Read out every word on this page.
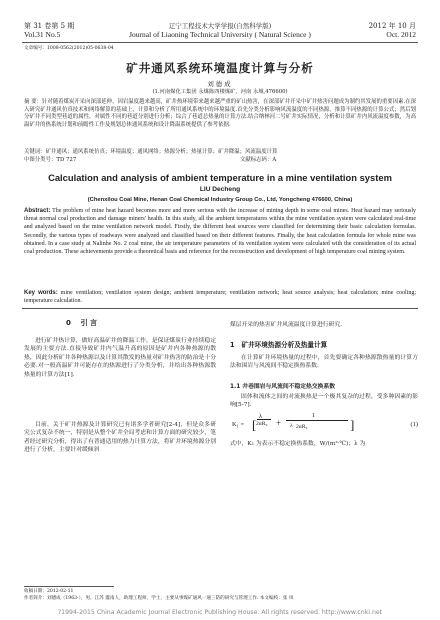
第 31 卷第 5 期
Vol.31 No.5
辽宁工程技术大学学报(自然科学版)
Journal of Liaoning Technical University ( Natural Science )
2012 年 10 月
Oct. 2012
文章编号：1008-0562(2012)05-0638-04
矿井通风系统环境温度计算与分析
刘德成
(1.河南煤化工集团 永煤陈四楼煤矿，河南 永城,476600)
摘 要：针对随着煤炭开采向深部延伸，因岩温度越来越高，矿井热环境带来越来越严重的矿山热害，在深部矿井开采中矿井热害问题成为制约其发展的重要因素.在深入研究矿井通风仿真技术和网络解算的基础上，计算和分析了所用通风系统中的环境温度.首先分类分析影响风流温度的不同热源，推算不同热源的计算公式；然后划分矿井不同类型巷道的属性，对属性不同的巷道分别进行分析；综合了巷道总热量的计算方法.结合纳林河二号矿井实际情况，分析和计算矿井内风流温度参数，为高温矿井的热系统计划和前瞻性工作及规划总体通风系统和设计降温系统提供了参考依据.
关键词：矿井通风；通风系统仿真；环境温度；通风网络；热源分析；热量计算；矿井降温；风流温度计算
中图分类号：TD 727	文献标志码：A
Calculation and analysis of ambient temperature in a mine ventilation system
LIU Decheng
(Chenxilou Coal Mine, Henan Coal Chemical Industry Group Co., Ltd, Yongcheng 476600, China)
Abstract: The problem of mine heat hazard becomes more and more serious with the increase of mining depth in some coal mines. Heat hazard may seriously threat normal coal production and damage miners' health. In this study, all the ambient temperatures within the mine ventilation system were calculated real-time and analyzed based on the mine ventilation network model. Firstly, the different heat sources were classified for determining their basic calculation formulas. Secondly, the various types of roadways were analyzed and classified based on their different features. Finally, the heat calculation formula for whole mine was obtained. In a case study at Nalinhe No. 2 coal mine, the air temperature parameters of its ventilation system were calculated with the consideration of its actual coal production. These achievements provide a theoretical basis and reference for the reconstruction and development of high temperature coal mining system.
Key words: mine ventilation; ventilation system design; ambient temperature; ventilation network; heat source analysis; heat calculation; mine cooling; temperature calculation.
0 引 言
进行矿井热计算，做好高温矿井的降温工作，是保证煤炭行业持续稳定发展的主要方法.直接导致矿井内气温升高的原因是矿井内各种热源的散热，因此分析矿井各种热源以及计算其散发的热量对矿井热害的防治是十分必要.对一般高温矿井可能存在的热源进行了分类分析，并给出各种热源散热量的计算方法[1].
目前，关于矿井热源及计算研究已有诸多学者研究[2-4]，但是众多研究公式复杂不统一，特别是从整个矿井全局考虑和计算方面的研究较少，笔者经过研究分析，得出了有普通适用的热力计算方法，将矿井环境热源分别进行了分析，主要针对缓倾斜
煤层开采的热害矿井风流温度计算进行研究.
1 矿井环境热源分析及热量计算
在计算矿井环境热量的过程中，首先要确定各种热源散热量的计算方法和围岩与风流间不稳定换热系数.
1.1 井巷围岩与风流间不稳定热交换系数
固体和流体之间的对流换热是一个极其复杂的过程，受多种因素的影响[5-7].
K₁ = [
λ
2αR₀ +
1
λ 2αR₀	]	(1)
式中，K₁ 为表示不稳定换热系数，W/(m²·℃)；λ 为
收稿日期：2012-02-11
作者简介：刘德成（1963-），男，江苏 灌南人，助理工程师，学士，主要从事煤矿通风一通三防的研究与管理工作. 本文编校：张 凤
?1994-2015 China Academic Journal Electronic Publishing House. All rights reserved. http://www.cnki.net
